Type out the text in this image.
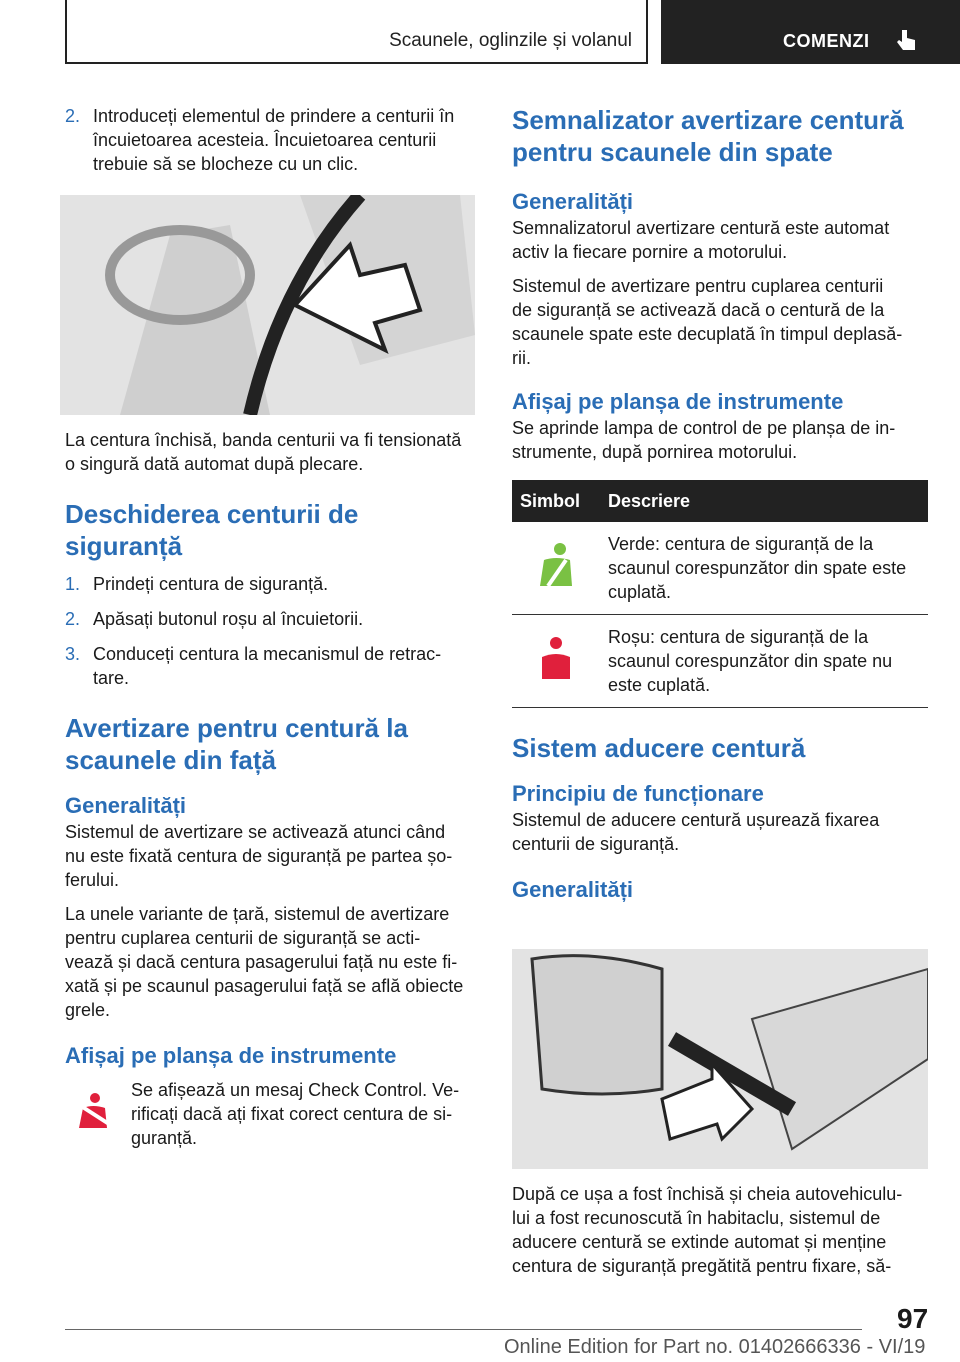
Scaunele, oglinzile și volanul	COMENZI
2. Introduceți elementul de prindere a centurii în
încuietoarea acesteia. Încuietoarea centurii
trebuie să se blocheze cu un clic.

La centura închisă, banda centurii va fi tensionată

o singură dată automat după plecare.

Deschiderea centurii de
siguranță
1. Prindeți centura de siguranță.
2. Apăsați butonul roșu al încuietorii.
3. Conduceți centura la mecanismul de retrac-
tare.
Avertizare pentru centură la
scaunele din față
Generalități

Sistemul de avertizare se activează atunci când

nu este fixată centura de siguranță pe partea șo-

ferului.

La unele variante de țară, sistemul de avertizare

pentru cuplarea centurii de siguranță se acti-

vează și dacă centura pasagerului față nu este fi-

xată și pe scaunul pasagerului față se află obiecte

grele.

Afișaj pe planșa de instrumente

Se afișează un mesaj Check Control. Ve-

rificați dacă ați fixat corect centura de si-

guranță.

Semnalizator avertizare centură
pentru scaunele din spate
Generalități

Semnalizatorul avertizare centură este automat

activ la fiecare pornire a motorului.

Sistemul de avertizare pentru cuplarea centurii

de siguranță se activează dacă o centură de la

scaunele spate este decuplată în timpul deplasă-

rii.

Afișaj pe planșa de instrumente

Se aprinde lampa de control de pe planșa de in-

strumente, după pornirea motorului.

Simbol	Descriere

Verde: centura de siguranță de la
scaunul corespunzător din spate este
cuplată.

Roșu: centura de siguranță de la
scaunul corespunzător din spate nu
este cuplată.
Sistem aducere centură
Principiu de funcționare

Sistemul de aducere centură ușurează fixarea

centurii de siguranță.

Generalități

După ce ușa a fost închisă și cheia autovehiculu-

lui a fost recunoscută în habitaclu, sistemul de

aducere centură se extinde automat și menține

centura de siguranță pregătită pentru fixare, să-

97
Online Edition for Part no. 01402666336 - VI/19
